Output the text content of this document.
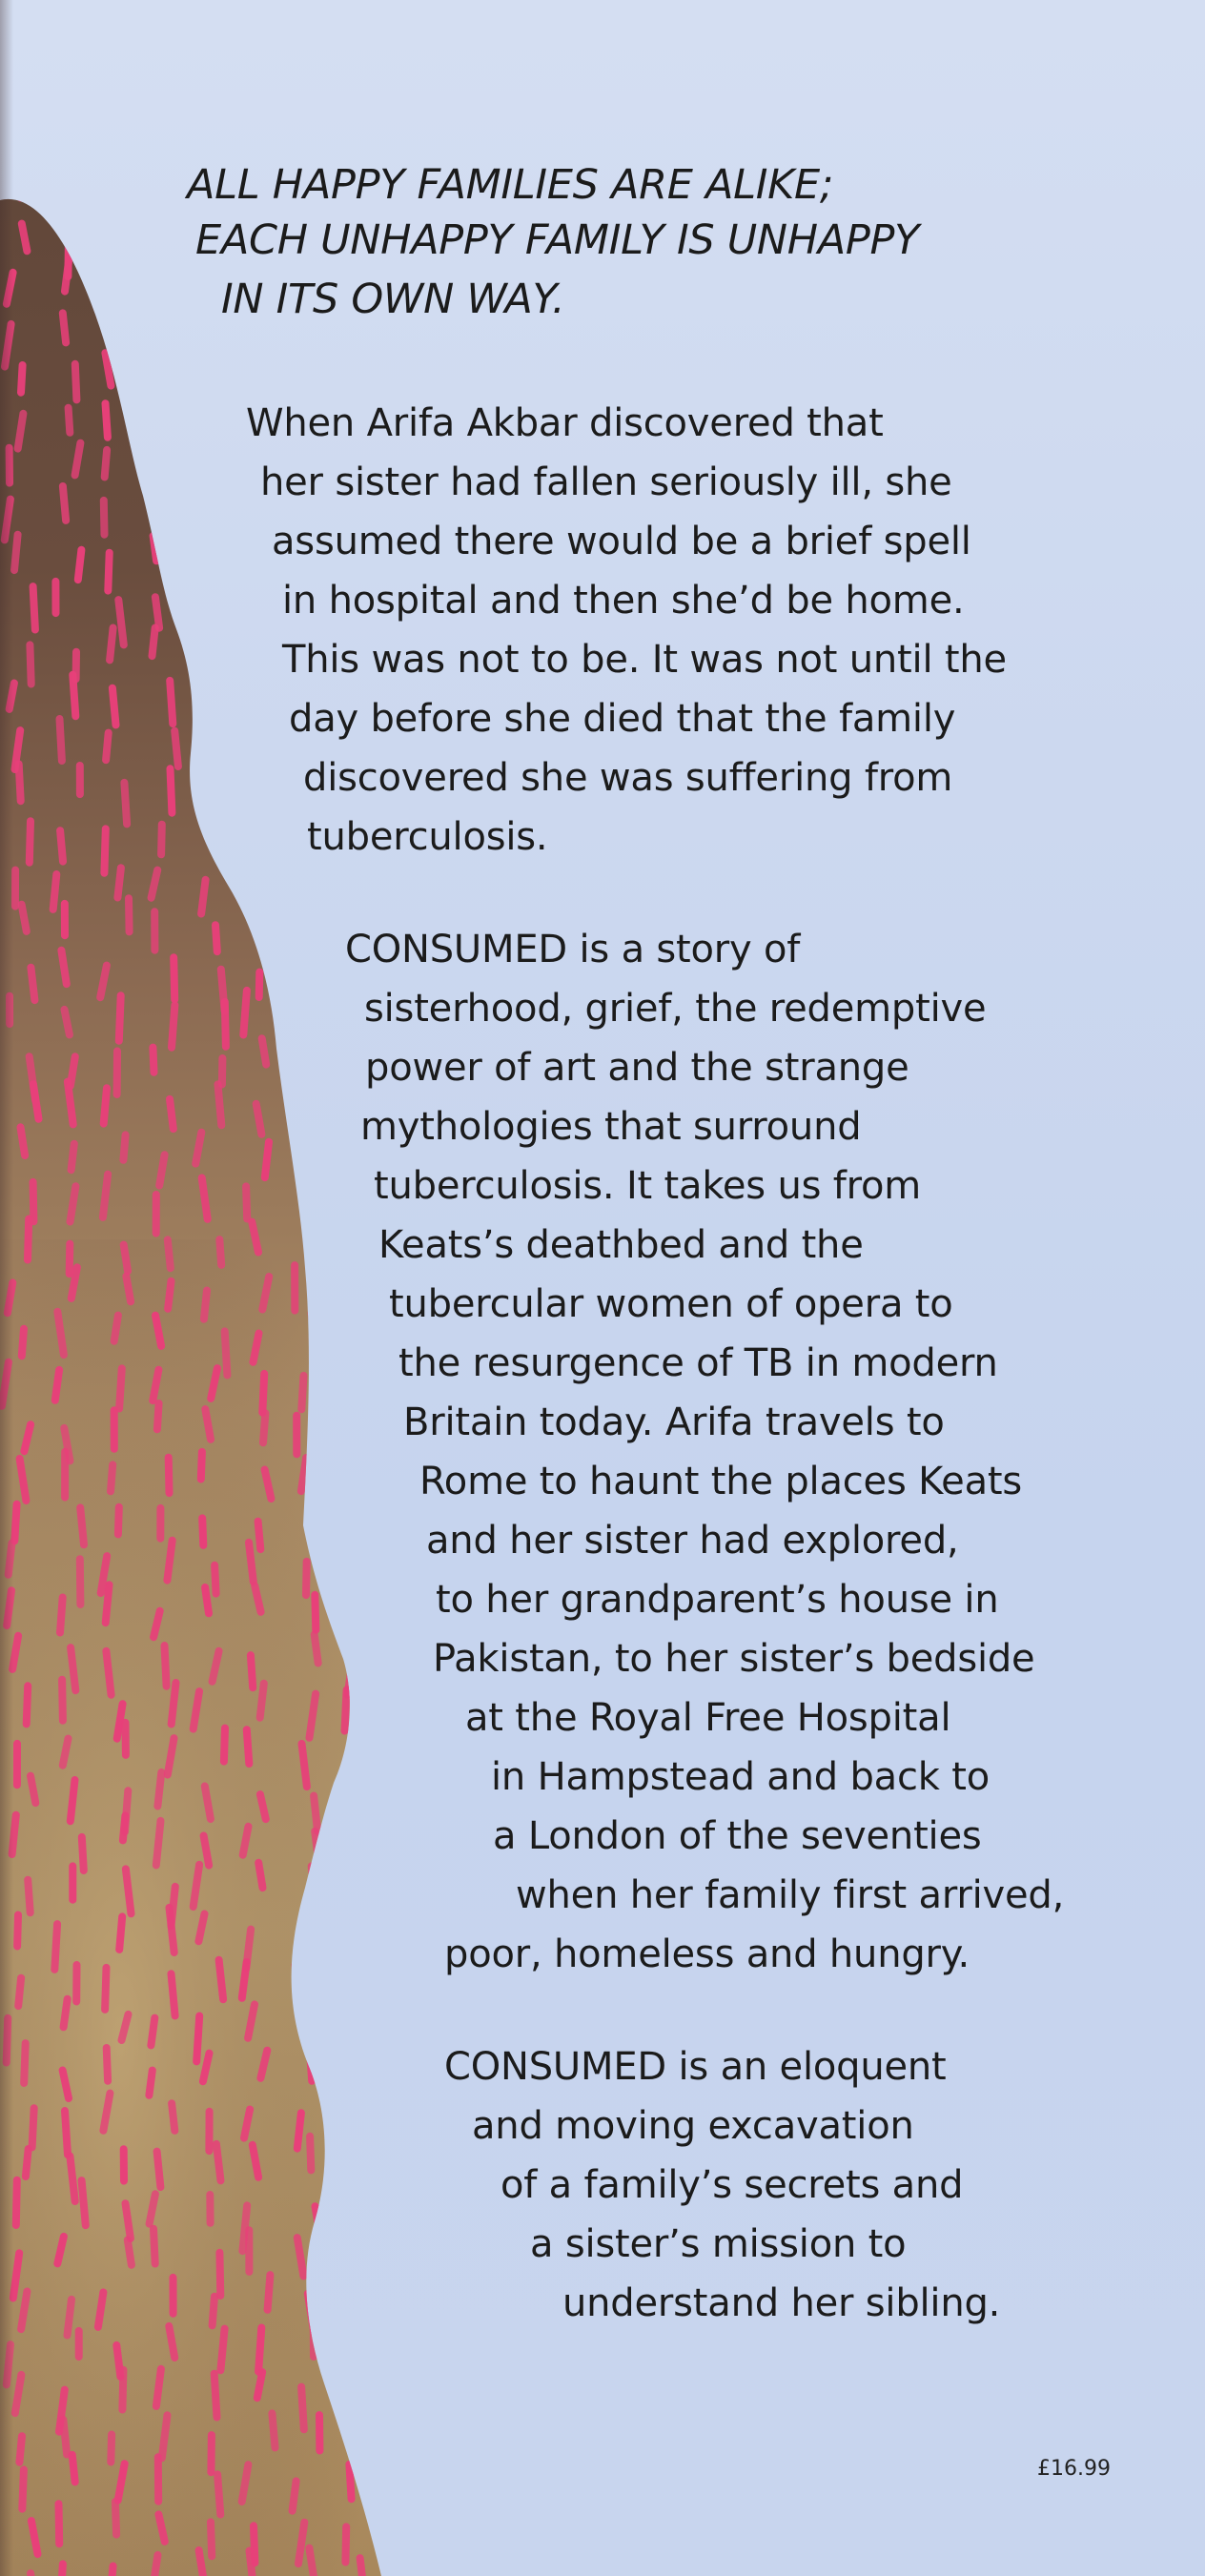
ALL HAPPY FAMILIES ARE ALIKE;
EACH UNHAPPY FAMILY IS UNHAPPY
IN ITS OWN WAY.
When Arifa Akbar discovered that
her sister had fallen seriously ill, she
assumed there would be a brief spell
in hospital and then she’d be home.
This was not to be. It was not until the
day before she died that the family
discovered she was suffering from
tuberculosis.
CONSUMED is a story of
sisterhood, grief, the redemptive
power of art and the strange
mythologies that surround
tuberculosis. It takes us from
Keats’s deathbed and the
tubercular women of opera to
the resurgence of TB in modern
Britain today. Arifa travels to
Rome to haunt the places Keats
and her sister had explored,
to her grandparent’s house in
Pakistan, to her sister’s bedside
at the Royal Free Hospital
in Hampstead and back to
a London of the seventies
when her family first arrived,
poor, homeless and hungry.
CONSUMED is an eloquent
and moving excavation
of a family’s secrets and
a sister’s mission to
understand her sibling.
£16.99
